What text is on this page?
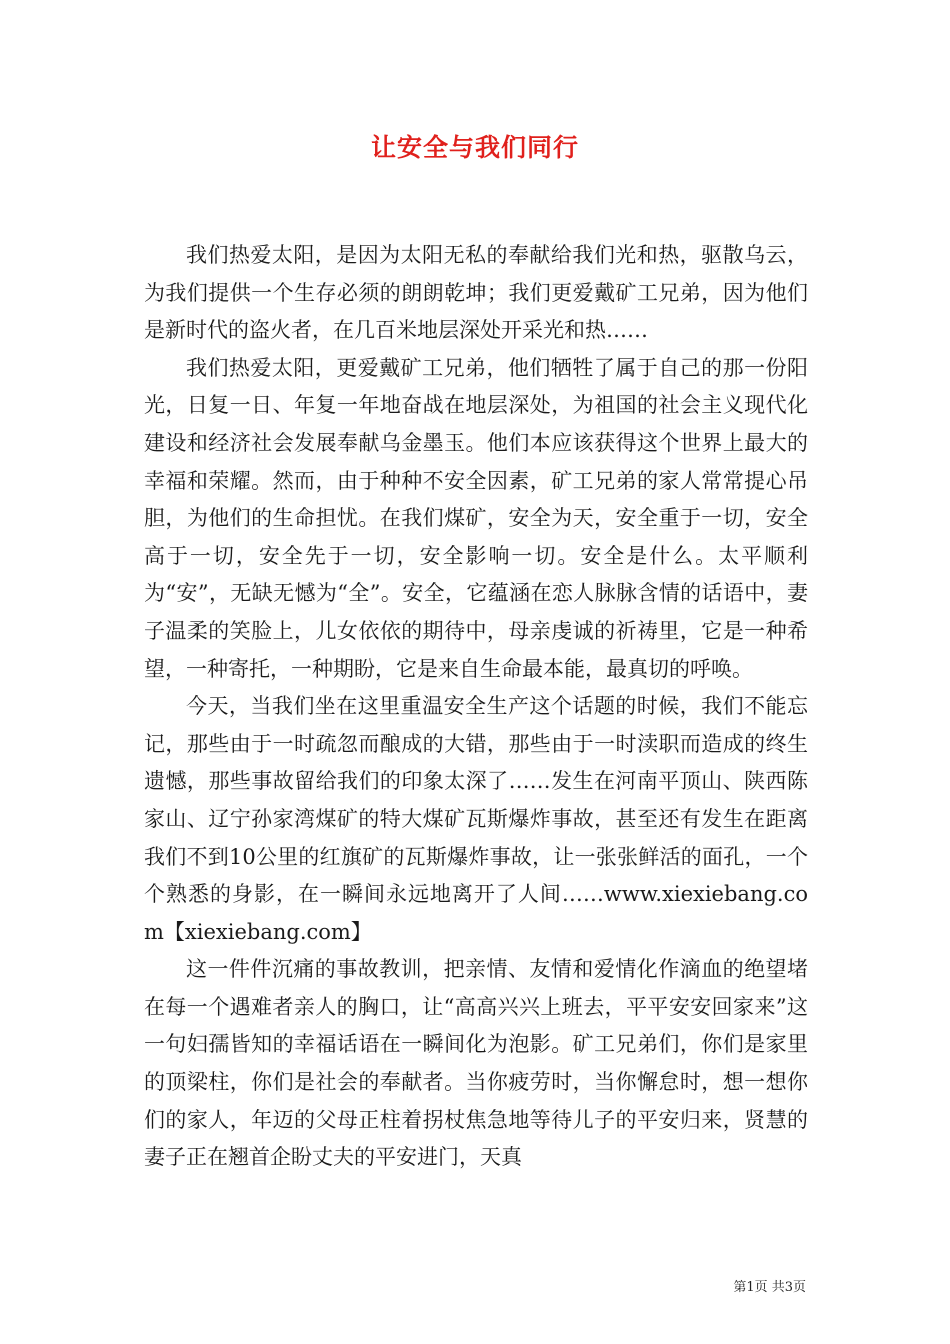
让安全与我们同行

我们热爱太阳，是因为太阳无私的奉献给我们光和热，驱散乌云，为我们提供一个生存必须的朗朗乾坤；我们更爱戴矿工兄弟，因为他们是新时代的盗火者，在几百米地层深处开采光和热……

我们热爱太阳，更爱戴矿工兄弟，他们牺牲了属于自己的那一份阳光，日复一日、年复一年地奋战在地层深处，为祖国的社会主义现代化建设和经济社会发展奉献乌金墨玉。他们本应该获得这个世界上最大的幸福和荣耀。然而，由于种种不安全因素，矿工兄弟的家人常常提心吊胆，为他们的生命担忧。在我们煤矿，安全为天，安全重于一切，安全高于一切，安全先于一切，安全影响一切。安全是什么。太平顺利为“安”，无缺无憾为“全”。安全，它蕴涵在恋人脉脉含情的话语中，妻子温柔的笑脸上，儿女依依的期待中，母亲虔诚的祈祷里，它是一种希望，一种寄托，一种期盼，它是来自生命最本能，最真切的呼唤。

今天，当我们坐在这里重温安全生产这个话题的时候，我们不能忘记，那些由于一时疏忽而酿成的大错，那些由于一时渎职而造成的终生遗憾，那些事故留给我们的印象太深了……发生在河南平顶山、陕西陈家山、辽宁孙家湾煤矿的特大煤矿瓦斯爆炸事故，甚至还有发生在距离我们不到10公里的红旗矿的瓦斯爆炸事故，让一张张鲜活的面孔，一个个熟悉的身影，在一瞬间永远地离开了人间……www.xiexiebang.com【xiexiebang.com】

这一件件沉痛的事故教训，把亲情、友情和爱情化作滴血的绝望堵在每一个遇难者亲人的胸口，让“高高兴兴上班去，平平安安回家来”这一句妇孺皆知的幸福话语在一瞬间化为泡影。矿工兄弟们，你们是家里的顶梁柱，你们是社会的奉献者。当你疲劳时，当你懈怠时，想一想你们的家人，年迈的父母正柱着拐杖焦急地等待儿子的平安归来，贤慧的妻子正在翘首企盼丈夫的平安进门，天真

第1页 共3页
